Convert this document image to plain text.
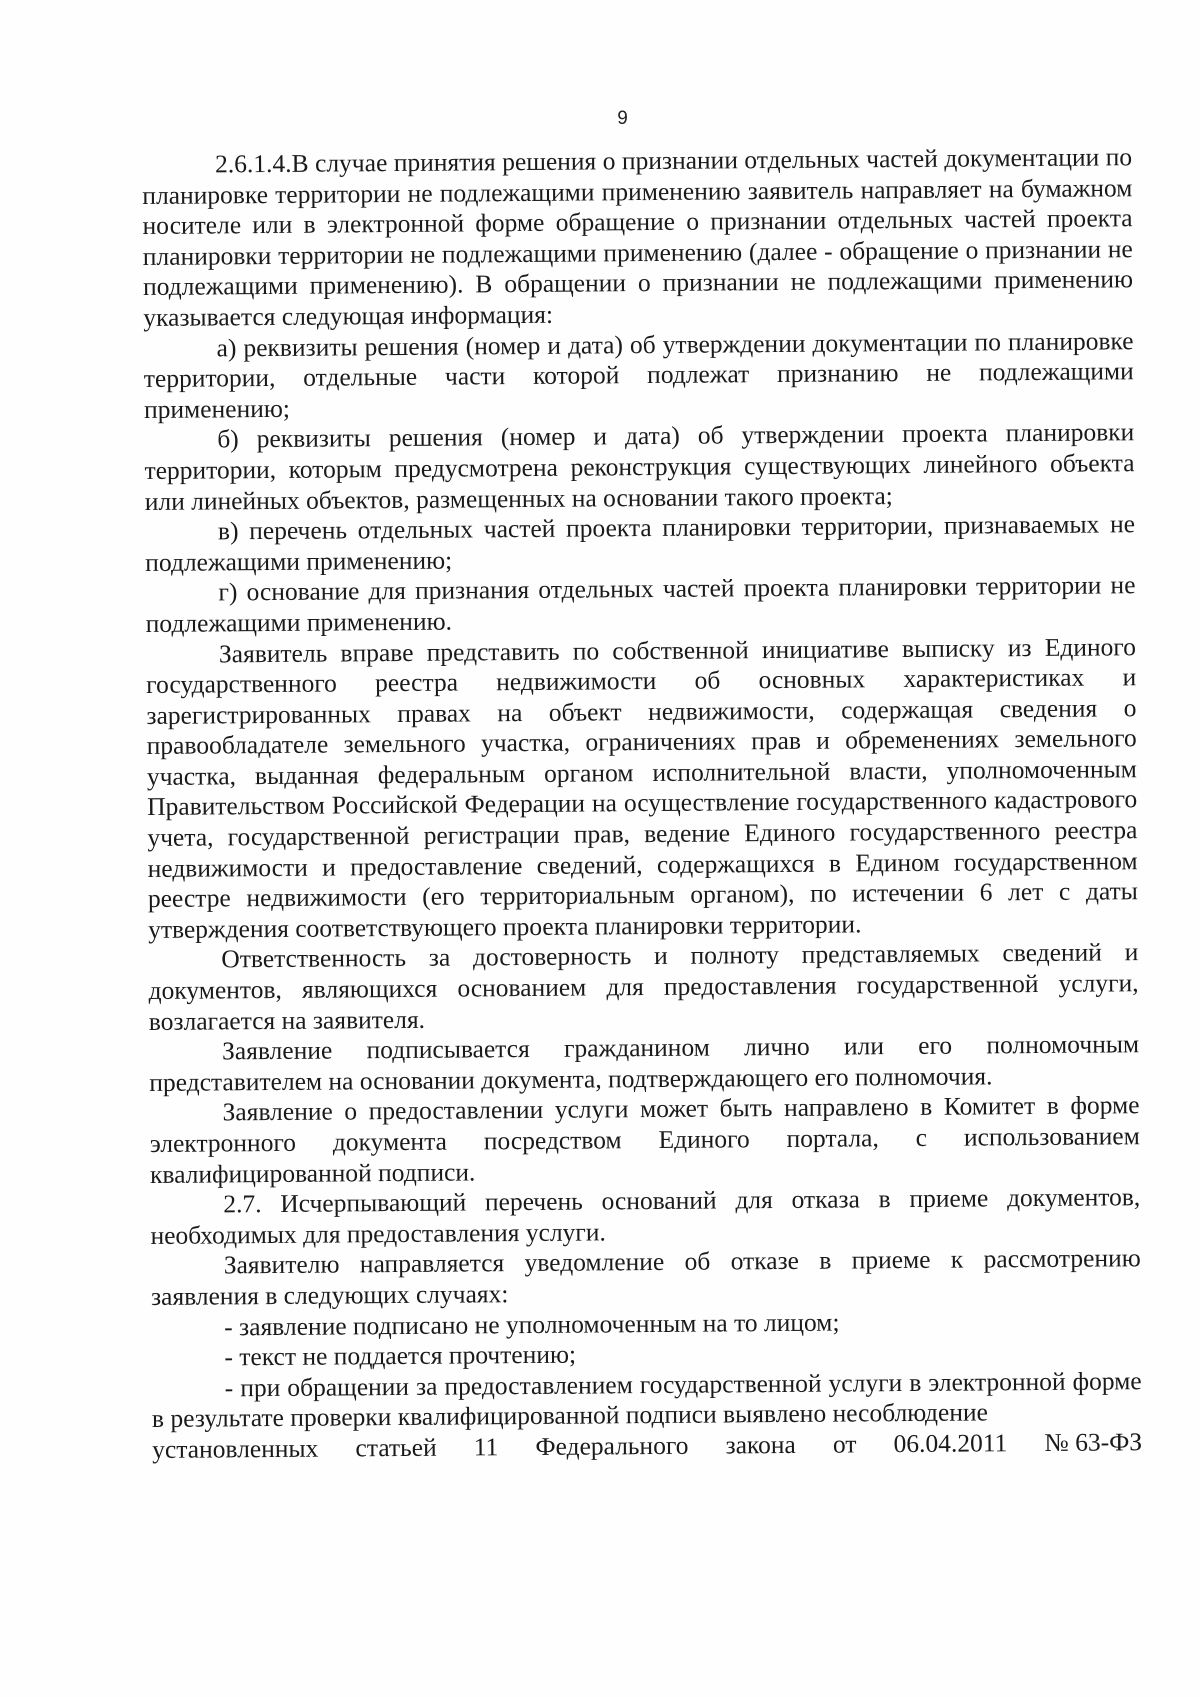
9

2.6.1.4.В случае принятия решения о признании отдельных частей документации по планировке территории не подлежащими применению заявитель направляет на бумажном носителе или в электронной форме обращение о признании отдельных частей проекта планировки территории не подлежащими применению (далее - обращение о признании не подлежащими применению). В обращении о признании не подлежащими применению указывается следующая информация:

а) реквизиты решения (номер и дата) об утверждении документации по планировке территории, отдельные части которой подлежат признанию не подлежащими применению;

б) реквизиты решения (номер и дата) об утверждении проекта планировки территории, которым предусмотрена реконструкция существующих линейного объекта или линейных объектов, размещенных на основании такого проекта;

в) перечень отдельных частей проекта планировки территории, признаваемых не подлежащими применению;

г) основание для признания отдельных частей проекта планировки территории не подлежащими применению.

Заявитель вправе представить по собственной инициативе выписку из Единого государственного реестра недвижимости об основных характеристиках и зарегистрированных правах на объект недвижимости, содержащая сведения о правообладателе земельного участка, ограничениях прав и обременениях земельного участка, выданная федеральным органом исполнительной власти, уполномоченным Правительством Российской Федерации на осуществление государственного кадастрового учета, государственной регистрации прав, ведение Единого государственного реестра недвижимости и предоставление сведений, содержащихся в Едином государственном реестре недвижимости (его территориальным органом), по истечении 6 лет с даты утверждения соответствующего проекта планировки территории.

Ответственность за достоверность и полноту представляемых сведений и документов, являющихся основанием для предоставления государственной услуги, возлагается на заявителя.

Заявление подписывается гражданином лично или его полномочным представителем на основании документа, подтверждающего его полномочия.

Заявление о предоставлении услуги может быть направлено в Комитет в форме электронного документа посредством Единого портала, с использованием квалифицированной подписи.

2.7. Исчерпывающий перечень оснований для отказа в приеме документов, необходимых для предоставления услуги.

Заявителю направляется уведомление об отказе в приеме к рассмотрению заявления в следующих случаях:

- заявление подписано не уполномоченным на то лицом;

- текст не поддается прочтению;

- при обращении за предоставлением государственной услуги в электронной форме в результате проверки квалифицированной подписи выявлено несоблюдение

установленных статьей 11 Федерального закона от 06.04.2011 № 63-ФЗ
